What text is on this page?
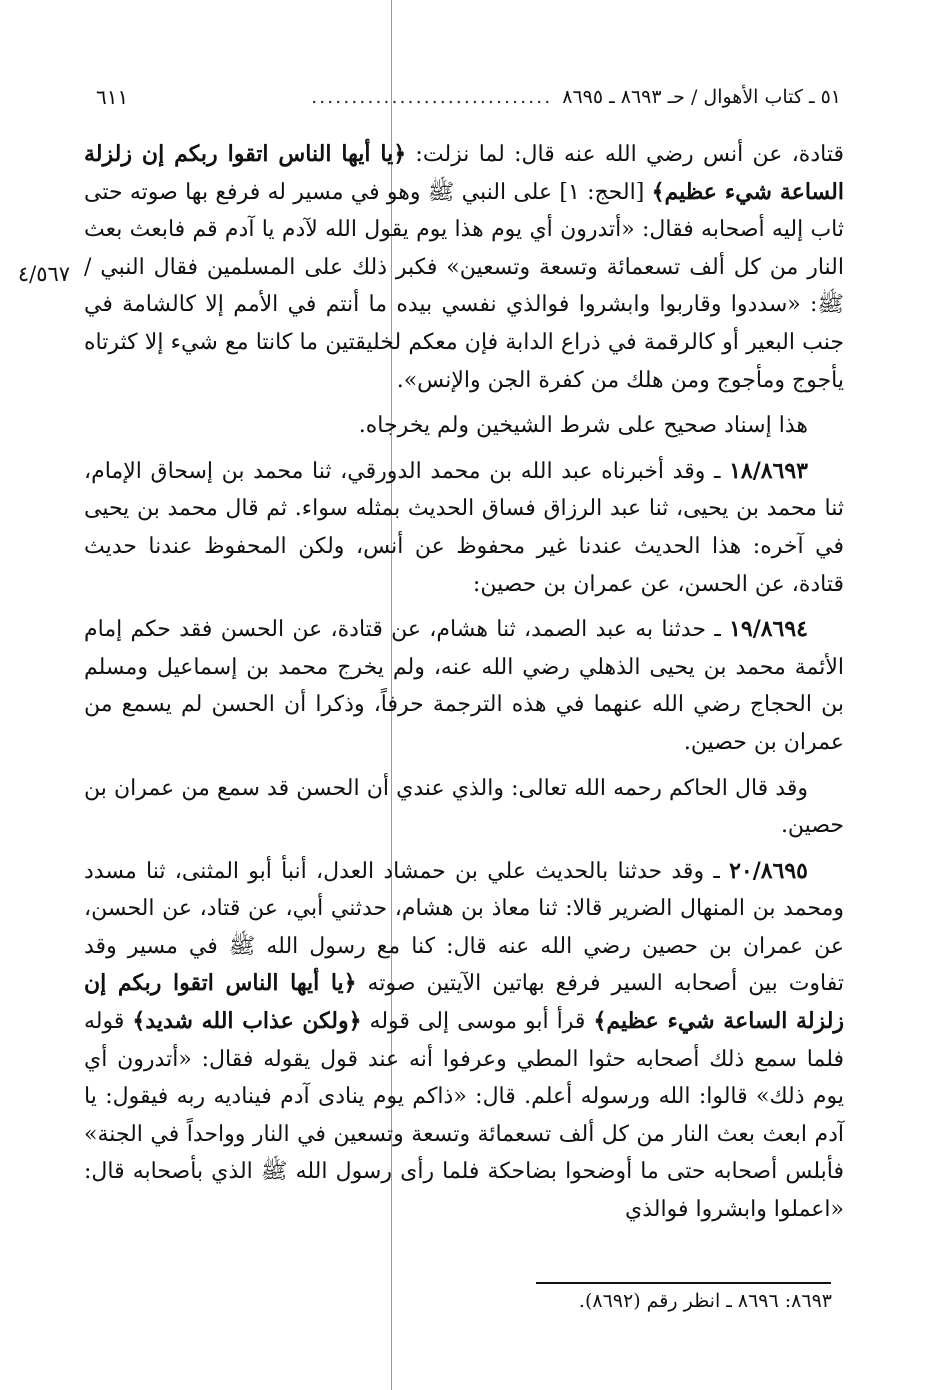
٥١ ـ كتاب الأهوال / حـ ٨٦٩٣ ـ ٨٦٩٥
..............................
٦١١
٤/٥٦٧

قتادة، عن أنس رضي الله عنه قال: لما نزلت: ﴿يا أيها الناس اتقوا ربكم إن زلزلة الساعة شيء عظيم﴾ [الحج: ١] على النبي ﷺ وهو في مسير له فرفع بها صوته حتى ثاب إليه أصحابه فقال: «أتدرون أي يوم هذا يوم يقول الله لآدم يا آدم قم فابعث بعث النار من كل ألف تسعمائة وتسعة وتسعين» فكبر ذلك على المسلمين فقال النبي / ﷺ: «سددوا وقاربوا وابشروا فوالذي نفسي بيده ما أنتم في الأمم إلا كالشامة في جنب البعير أو كالرقمة في ذراع الدابة فإن معكم لخليقتين ما كانتا مع شيء إلا كثرتاه يأجوج ومأجوج ومن هلك من كفرة الجن والإنس».

هذا إسناد صحيح على شرط الشيخين ولم يخرجاه.

١٨/٨٦٩٣ ـ وقد أخبرناه عبد الله بن محمد الدورقي، ثنا محمد بن إسحاق الإمام، ثنا محمد بن يحيى، ثنا عبد الرزاق فساق الحديث بمثله سواء. ثم قال محمد بن يحيى في آخره: هذا الحديث عندنا غير محفوظ عن أنس، ولكن المحفوظ عندنا حديث قتادة، عن الحسن، عن عمران بن حصين:

١٩/٨٦٩٤ ـ حدثنا به عبد الصمد، ثنا هشام، عن قتادة، عن الحسن فقد حكم إمام الأئمة محمد بن يحيى الذهلي رضي الله عنه، ولم يخرج محمد بن إسماعيل ومسلم بن الحجاج رضي الله عنهما في هذه الترجمة حرفاً، وذكرا أن الحسن لم يسمع من عمران بن حصين.

وقد قال الحاكم رحمه الله تعالى: والذي عندي أن الحسن قد سمع من عمران بن حصين.

٢٠/٨٦٩٥ ـ وقد حدثنا بالحديث علي بن حمشاد العدل، أنبأ أبو المثنى، ثنا مسدد ومحمد بن المنهال الضرير قالا: ثنا معاذ بن هشام، حدثني أبي، عن قتاد، عن الحسن، عن عمران بن حصين رضي الله عنه قال: كنا مع رسول الله ﷺ في مسير وقد تفاوت بين أصحابه السير فرفع بهاتين الآيتين صوته ﴿يا أيها الناس اتقوا ربكم إن زلزلة الساعة شيء عظيم﴾ قرأ أبو موسى إلى قوله ﴿ولكن عذاب الله شديد﴾ قوله فلما سمع ذلك أصحابه حثوا المطي وعرفوا أنه عند قول يقوله فقال: «أتدرون أي يوم ذلك» قالوا: الله ورسوله أعلم. قال: «ذاكم يوم ينادى آدم فيناديه ربه فيقول: يا آدم ابعث بعث النار من كل ألف تسعمائة وتسعة وتسعين في النار وواحداً في الجنة» فأبلس أصحابه حتى ما أوضحوا بضاحكة فلما رأى رسول الله ﷺ الذي بأصحابه قال: «اعملوا وابشروا فوالذي

٨٦٩٣: ٨٦٩٦ ـ انظر رقم (٨٦٩٢).
